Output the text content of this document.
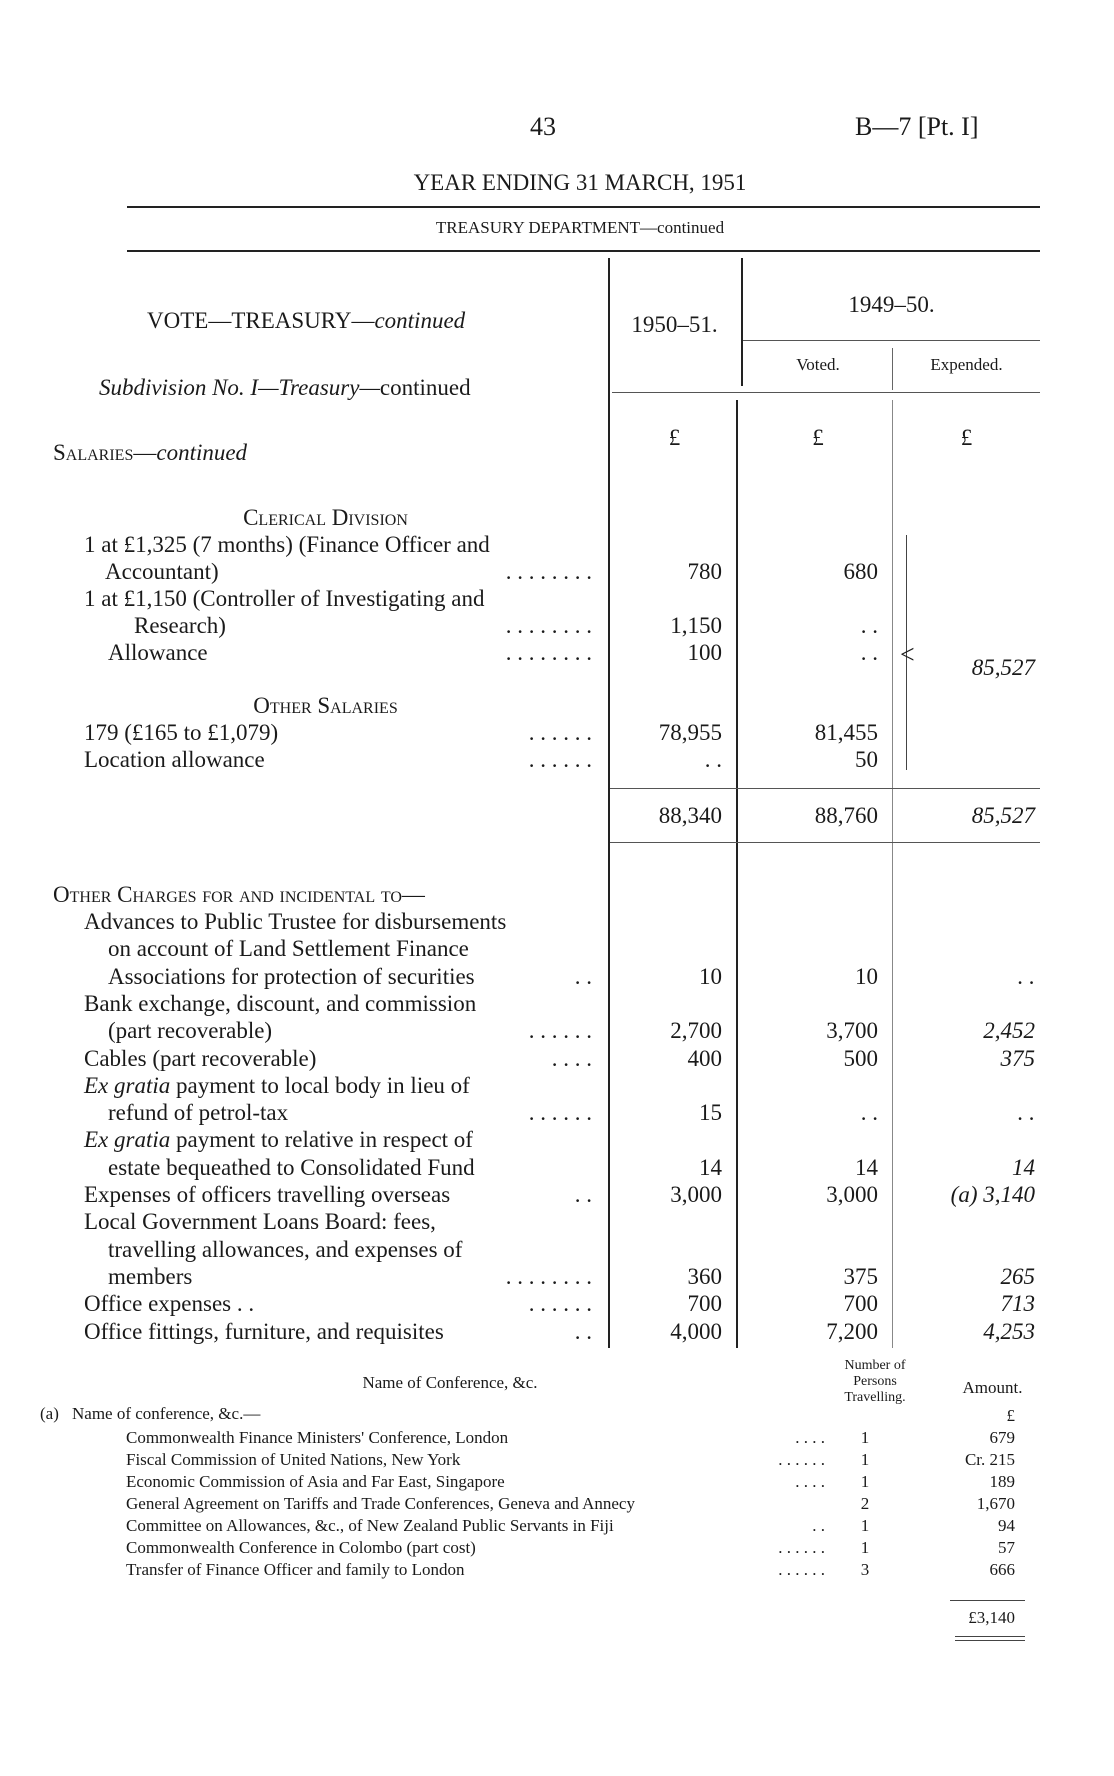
43	B—7 [Pt. I]
YEAR ENDING 31 MARCH, 1951
TREASURY DEPARTMENT—continued
VOTE—TREASURY—continued
Subdivision No. I—Treasury—continued
Salaries—continued
1950–51.
1949–50.
Voted.	Expended.
£	£	£
Clerical Division
1 at £1,325 (7 months) (Finance Officer and
Accountant)	. . . . . . . .	780	680
1 at £1,150 (Controller of Investigating and
Research)	. . . . . . . .	1,150	. .
Allowance	. . . . . . . .	100	. . <	85,527
Other Salaries
179 (£165 to £1,079)	. . . . . .	78,955	81,455
Location allowance	. . . . . .	. .	50
88,340	88,760	85,527
Other Charges for and incidental to—
Advances to Public Trustee for disbursements
on account of Land Settlement Finance
Associations for protection of securities	. .	10	10	. .
Bank exchange, discount, and commission
(part recoverable)	. . . . . .	2,700	3,700	2,452
Cables (part recoverable)	. . . .	400	500	375
Ex gratia payment to local body in lieu of
refund of petrol-tax	. . . . . .	15	. .	. .
Ex gratia payment to relative in respect of
estate bequeathed to Consolidated Fund	14	14	14
Expenses of officers travelling overseas	. .	3,000	3,000	(a) 3,140
Local Government Loans Board: fees,
travelling allowances, and expenses of
members	. . . . . . . .	360	375	265
Office expenses . .	. . . . . .	700	700	713
Office fittings, furniture, and requisites	. .	4,000	7,200	4,253
Name of Conference, &c.
Number of
Persons
Travelling.
Amount.
(a) Name of conference, &c.—	£
Commonwealth Finance Ministers' Conference, London	. . . .	1	679
Fiscal Commission of United Nations, New York	. . . . . .	1	Cr. 215
Economic Commission of Asia and Far East, Singapore	. . . .	1	189
General Agreement on Tariffs and Trade Conferences, Geneva and Annecy	2	1,670
Committee on Allowances, &c., of New Zealand Public Servants in Fiji	. .	1	94
Commonwealth Conference in Colombo (part cost)	. . . . . .	1	57
Transfer of Finance Officer and family to London	. . . . . .	3	666
£3,140
